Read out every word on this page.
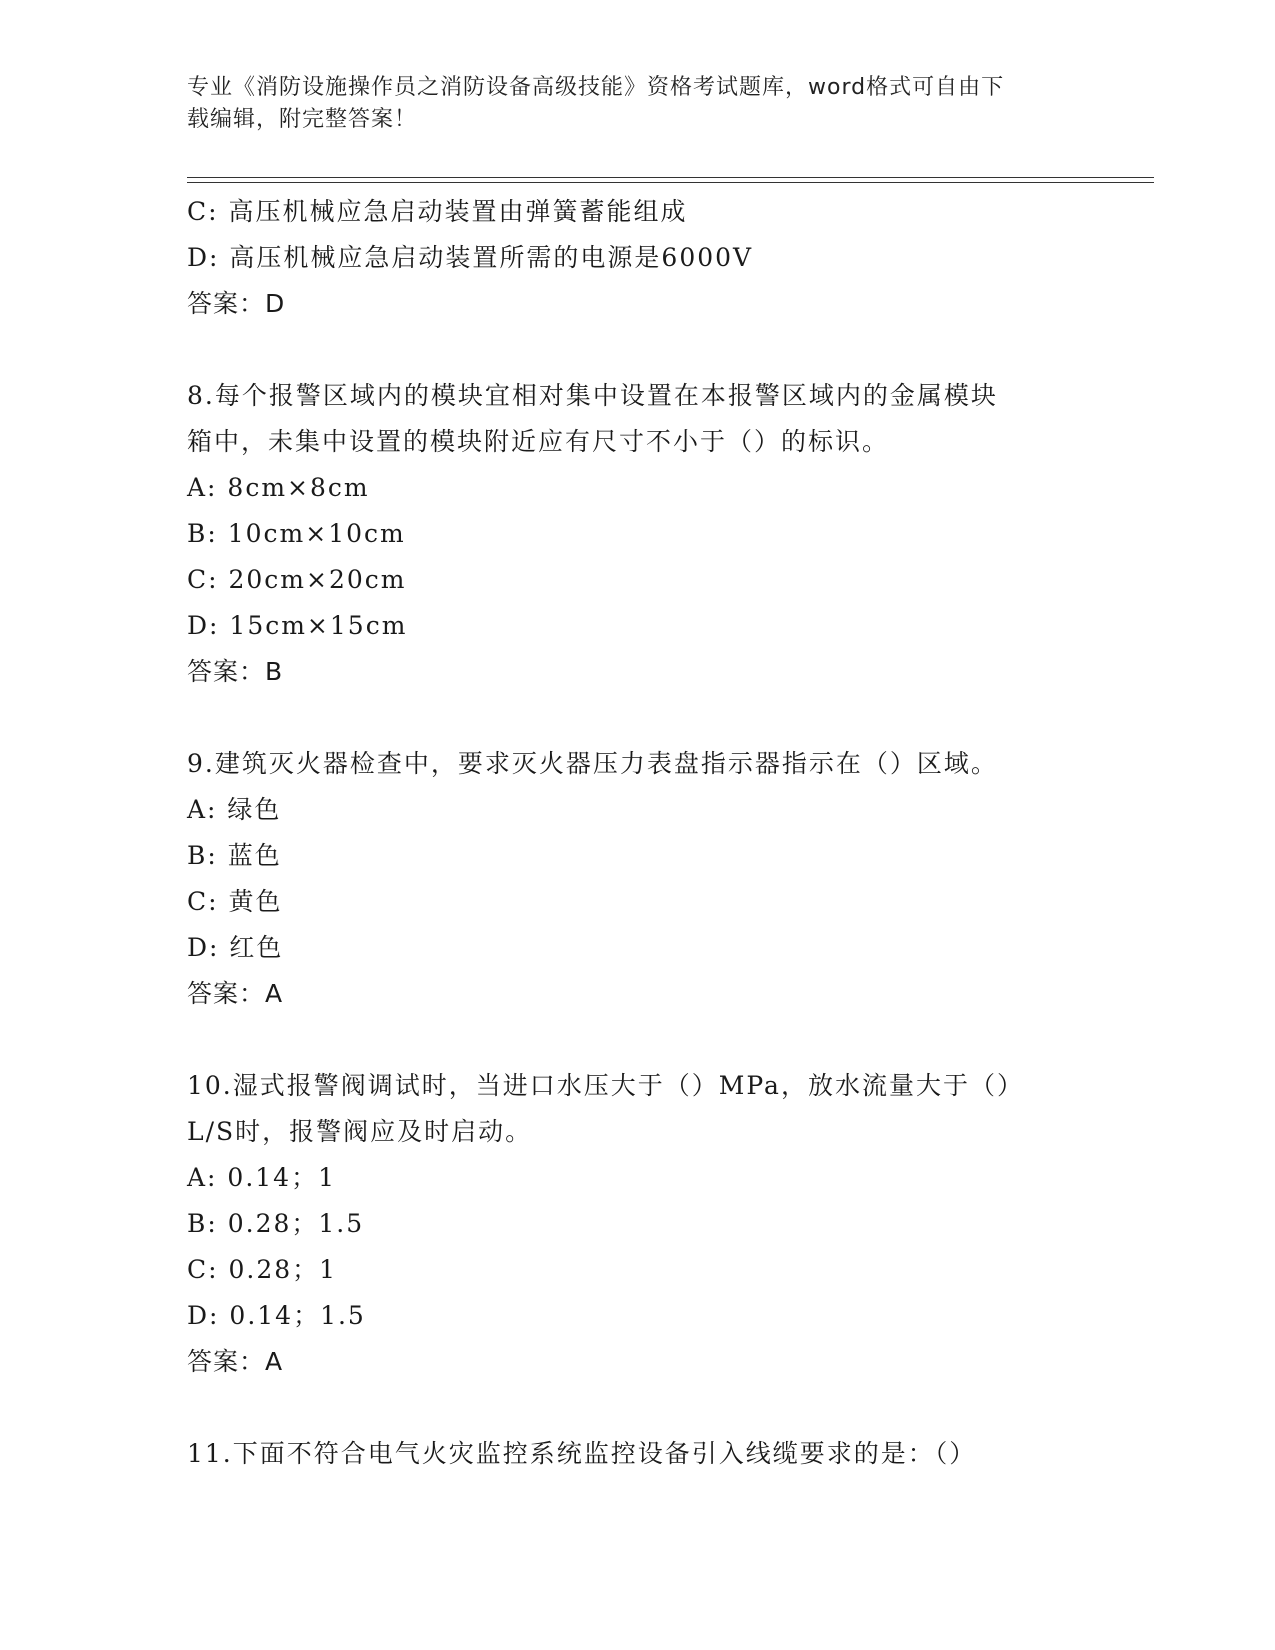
专业《消防设施操作员之消防设备高级技能》资格考试题库，word格式可自由下
载编辑，附完整答案！
C: 高压机械应急启动装置由弹簧蓄能组成
D: 高压机械应急启动装置所需的电源是6000V
答案：D
8.每个报警区域内的模块宜相对集中设置在本报警区域内的金属模块
箱中，未集中设置的模块附近应有尺寸不小于（）的标识。
A: 8cm×8cm
B: 10cm×10cm
C: 20cm×20cm
D: 15cm×15cm
答案：B
9.建筑灭火器检查中，要求灭火器压力表盘指示器指示在（）区域。
A: 绿色
B: 蓝色
C: 黄色
D: 红色
答案：A
10.湿式报警阀调试时，当进口水压大于（）MPa，放水流量大于（）
L/S时，报警阀应及时启动。
A: 0.14；1
B: 0.28；1.5
C: 0.28；1
D: 0.14；1.5
答案：A
11.下面不符合电气火灾监控系统监控设备引入线缆要求的是：（）
